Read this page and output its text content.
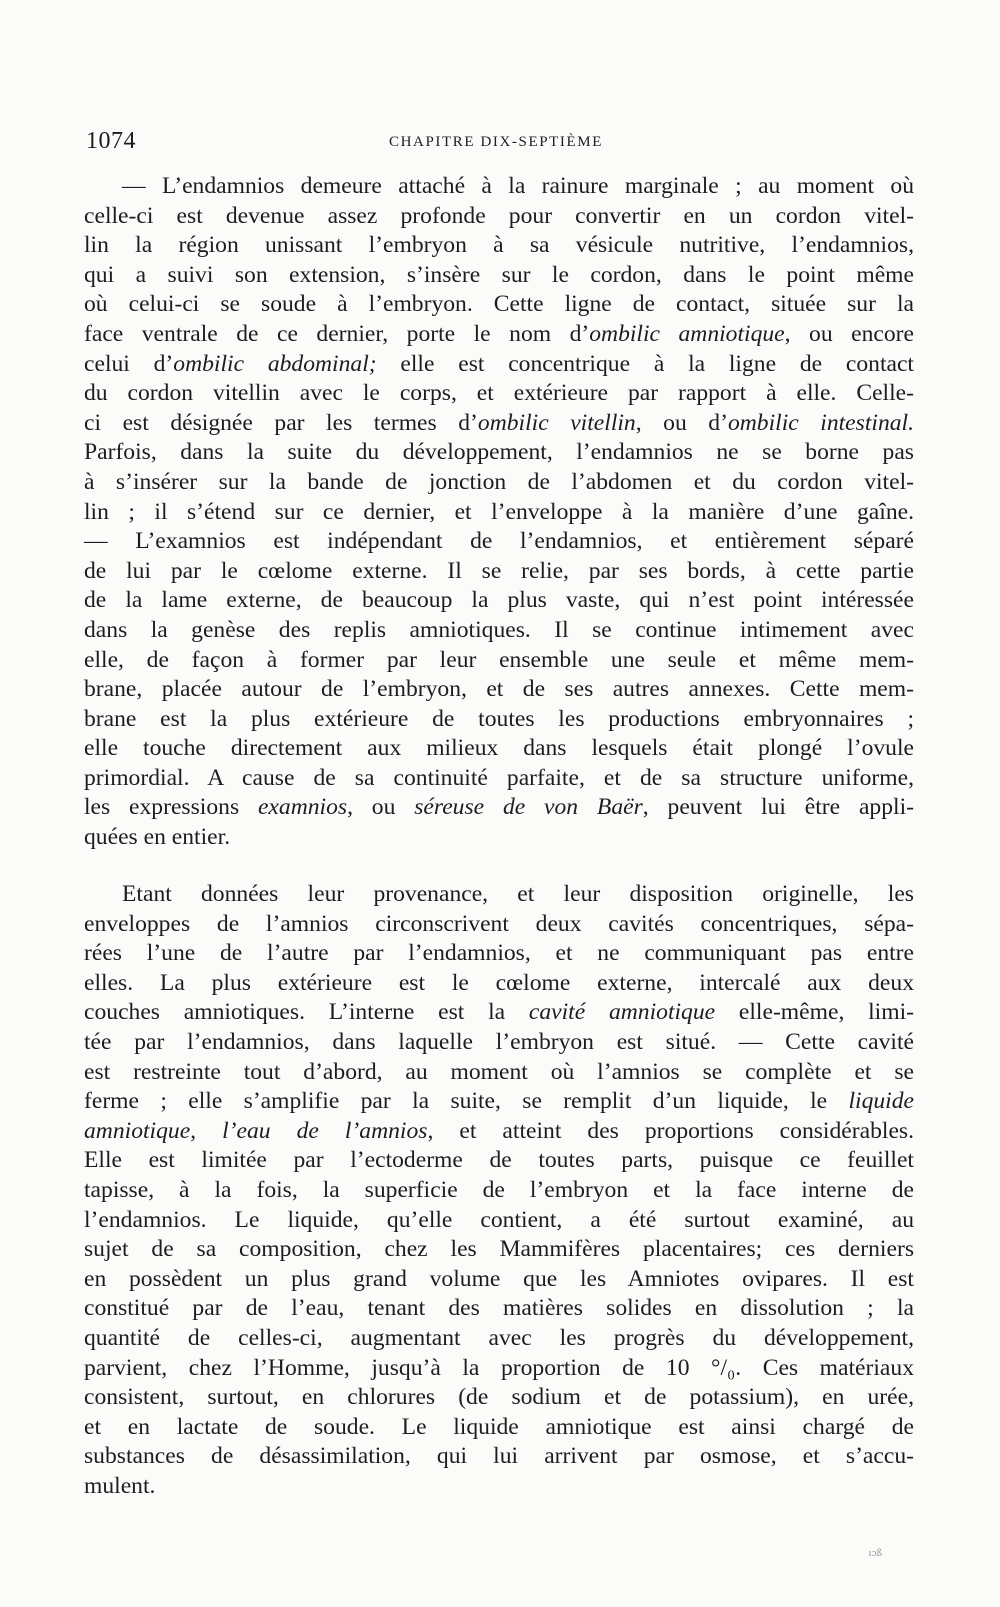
1074	CHAPITRE DIX-SEPTIÈME
— L’endamnios demeure attaché à la rainure marginale ; au moment où
celle-ci est devenue assez profonde pour convertir en un cordon vitel-
lin la région unissant l’embryon à sa vésicule nutritive, l’endamnios,
qui a suivi son extension, s’insère sur le cordon, dans le point même
où celui-ci se soude à l’embryon. Cette ligne de contact, située sur la
face ventrale de ce dernier, porte le nom d’ombilic amniotique, ou encore
celui d’ombilic abdominal; elle est concentrique à la ligne de contact
du cordon vitellin avec le corps, et extérieure par rapport à elle. Celle-
ci est désignée par les termes d’ombilic vitellin, ou d’ombilic intestinal.
Parfois, dans la suite du développement, l’endamnios ne se borne pas
à s’insérer sur la bande de jonction de l’abdomen et du cordon vitel-
lin ; il s’étend sur ce dernier, et l’enveloppe à la manière d’une gaîne.
— L’examnios est indépendant de l’endamnios, et entièrement séparé
de lui par le cœlome externe. Il se relie, par ses bords, à cette partie
de la lame externe, de beaucoup la plus vaste, qui n’est point intéressée
dans la genèse des replis amniotiques. Il se continue intimement avec
elle, de façon à former par leur ensemble une seule et même mem-
brane, placée autour de l’embryon, et de ses autres annexes. Cette mem-
brane est la plus extérieure de toutes les productions embryonnaires ;
elle touche directement aux milieux dans lesquels était plongé l’ovule
primordial. A cause de sa continuité parfaite, et de sa structure uniforme,
les expressions examnios, ou séreuse de von Baër, peuvent lui être appli-
quées en entier.
Etant données leur provenance, et leur disposition originelle, les
enveloppes de l’amnios circonscrivent deux cavités concentriques, sépa-
rées l’une de l’autre par l’endamnios, et ne communiquant pas entre
elles. La plus extérieure est le cœlome externe, intercalé aux deux
couches amniotiques. L’interne est la cavité amniotique elle-même, limi-
tée par l’endamnios, dans laquelle l’embryon est situé. — Cette cavité
est restreinte tout d’abord, au moment où l’amnios se complète et se
ferme ; elle s’amplifie par la suite, se remplit d’un liquide, le liquide
amniotique, l’eau de l’amnios, et atteint des proportions considérables.
Elle est limitée par l’ectoderme de toutes parts, puisque ce feuillet
tapisse, à la fois, la superficie de l’embryon et la face interne de
l’endamnios. Le liquide, qu’elle contient, a été surtout examiné, au
sujet de sa composition, chez les Mammifères placentaires; ces derniers
en possèdent un plus grand volume que les Amniotes ovipares. Il est
constitué par de l’eau, tenant des matières solides en dissolution ; la
quantité de celles-ci, augmentant avec les progrès du développement,
parvient, chez l’Homme, jusqu’à la proportion de 10 °/₀. Ces matériaux
consistent, surtout, en chlorures (de sodium et de potassium), en urée,
et en lactate de soude. Le liquide amniotique est ainsi chargé de
substances de désassimilation, qui lui arrivent par osmose, et s’accu-
mulent.
ıɔß
